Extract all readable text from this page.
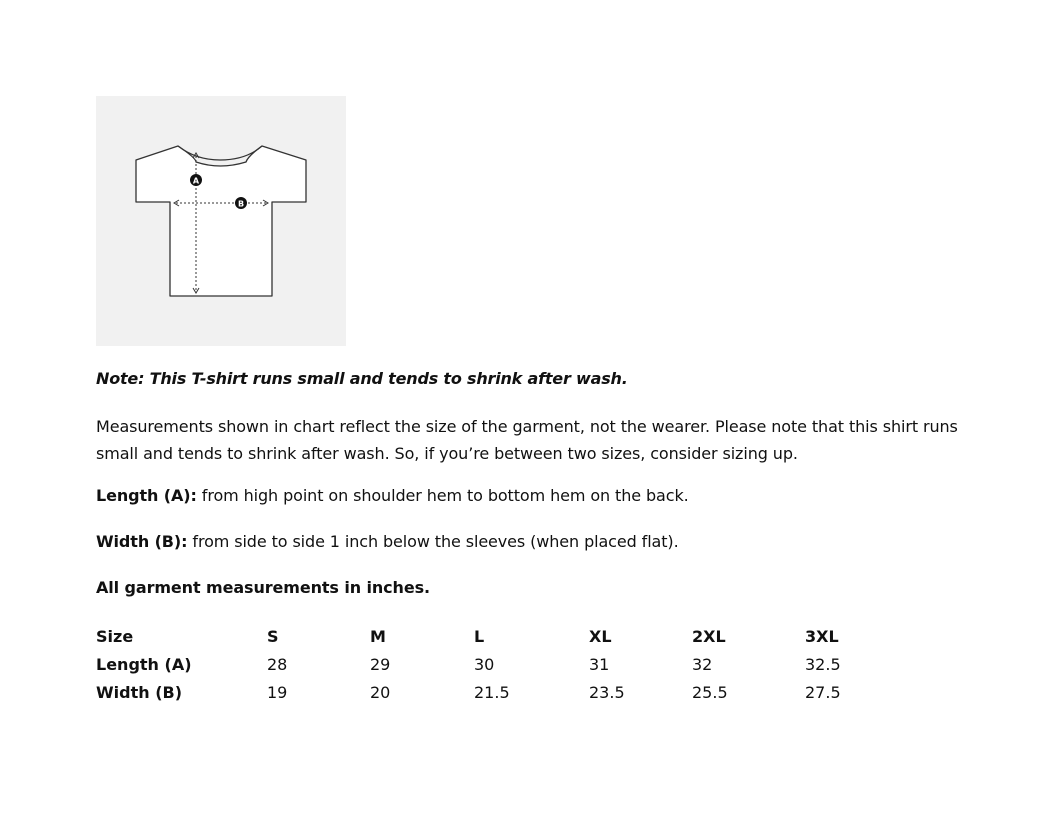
A
B
Note: This T-shirt runs small and tends to shrink after wash.
Measurements shown in chart reflect the size of the garment, not the wearer. Please note that this shirt runs small and tends to shrink after wash. So, if you’re between two sizes, consider sizing up.
Length (A): from high point on shoulder hem to bottom hem on the back.
Width (B): from side to side 1 inch below the sleeves (when placed flat).
All garment measurements in inches.
Size	S	M	L	XL	2XL	3XL
Length (A)	28	29	30	31	32	32.5
Width (B)	19	20	21.5	23.5	25.5	27.5
